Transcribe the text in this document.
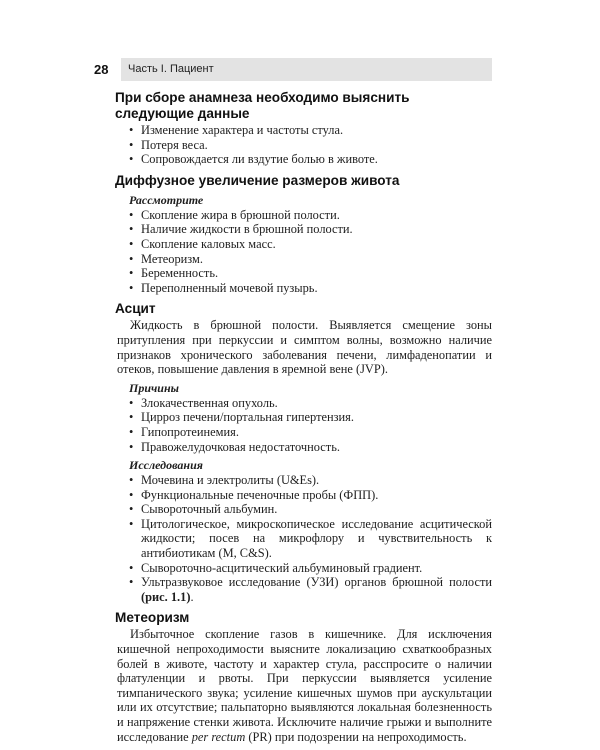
28 Часть I. Пациент
При сборе анамнеза необходимо выяснить следующие данные
• Изменение характера и частоты стула.
• Потеря веса.
• Сопровождается ли вздутие болью в животе.
Диффузное увеличение размеров живота
Рассмотрите
• Скопление жира в брюшной полости.
• Наличие жидкости в брюшной полости.
• Скопление каловых масс.
• Метеоризм.
• Беременность.
• Переполненный мочевой пузырь.
Асцит

Жидкость в брюшной полости. Выявляется смещение зоны притупления при перкуссии и симптом волны, возможно наличие признаков хронического заболевания печени, лимфаденопатии и отеков, повышение давления в яремной вене (JVP).

Причины
• Злокачественная опухоль.
• Цирроз печени/портальная гипертензия.
• Гипопротеинемия.
• Правожелудочковая недостаточность.
Исследования
• Мочевина и электролиты (U&Es).
• Функциональные печеночные пробы (ФПП).
• Сывороточный альбумин.
• Цитологическое, микроскопическое исследование асцитической жидкости; посев на микрофлору и чувствительность к антибиотикам (M, C&S).
• Сывороточно-асцитический альбуминовый градиент.
• Ультразвуковое исследование (УЗИ) органов брюшной полости (рис. 1.1).
Метеоризм

Избыточное скопление газов в кишечнике. Для исключения кишечной непроходимости выясните локализацию схваткообразных болей в животе, частоту и характер стула, расспросите о наличии флатуленции и рвоты. При перкуссии выявляется усиление тимпанического звука; усиление кишечных шумов при аускультации или их отсутствие; пальпаторно выявляются локальная болезненность и напряжение стенки живота. Исключите наличие грыжи и выполните исследование per rectum (PR) при подозрении на непроходимость.
